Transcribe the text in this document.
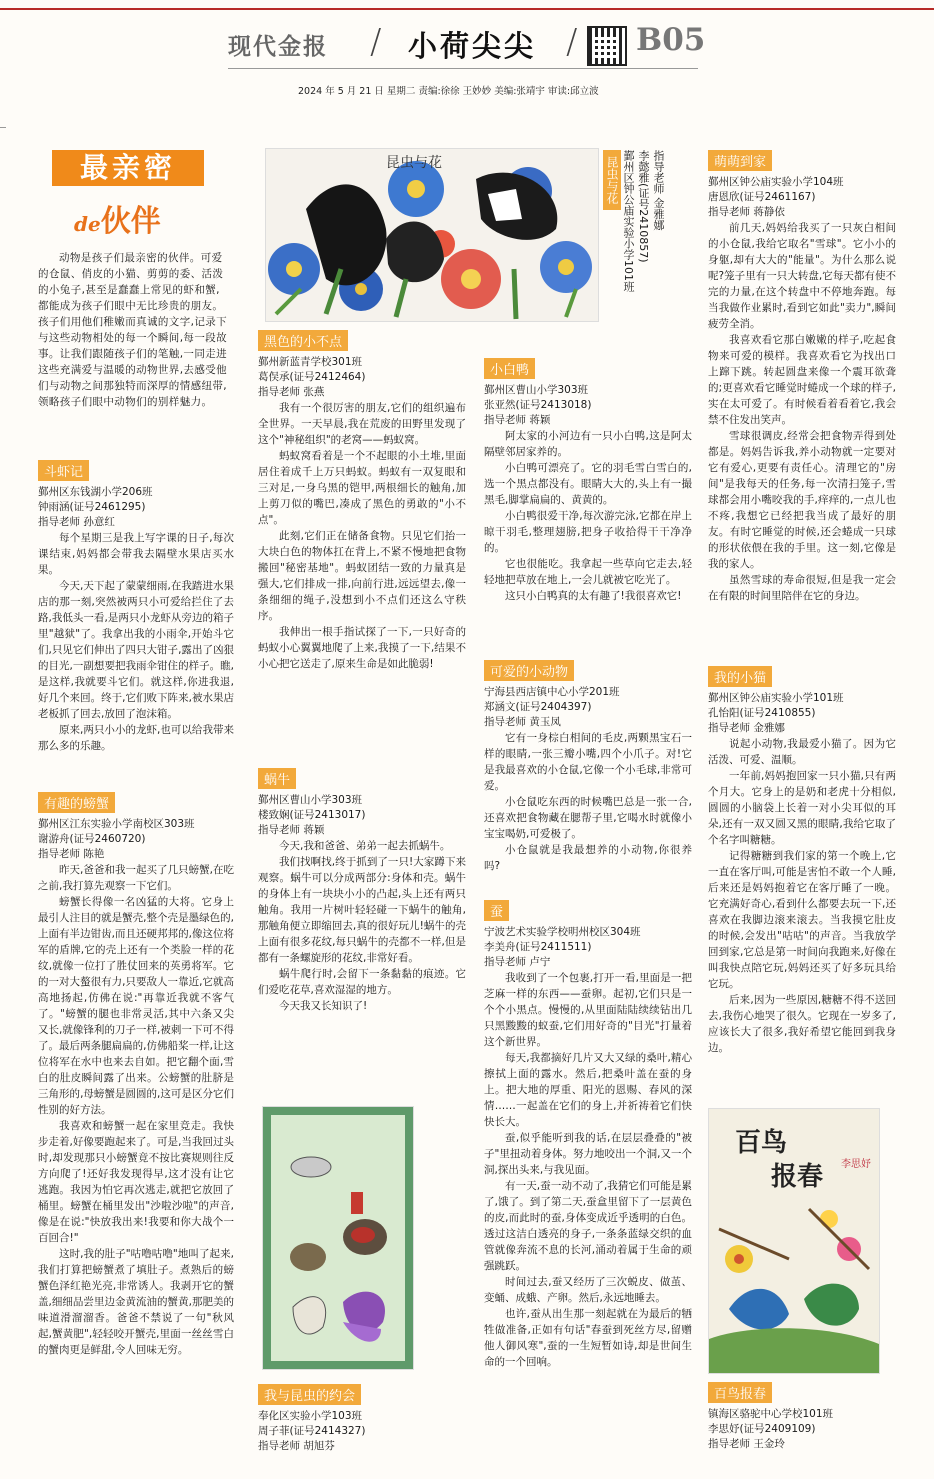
现代金报 / 小荷尖尖 / B05
2024 年 5 月 21 日 星期二 责编:徐徐 王妙妙 美编:张靖宇 审读:邱立波
最亲密
de伙伴

动物是孩子们最亲密的伙伴。可爱的仓鼠、俏皮的小猫、剪剪的委、活泼的小兔子,甚至是蠢蠢上常见的虾和蟹,都能成为孩子们眼中无比珍贵的朋友。孩子们用他们稚嫩而真诚的文字,记录下与这些动物相处的每一个瞬间,每一段故事。让我们跟随孩子们的笔触,一同走进这些充满爱与温暖的动物世界,去感受他们与动物之间那独特而深厚的情感纽带,领略孩子们眼中动物们的别样魅力。

昆虫与花	昆虫与花 鄞州区钟公庙实验小学101班 李懿雅(证号2410857) 指导老师 金雅娜
斗虾记
鄞州区东钱湖小学206班
钟雨涵(证号2461295)
指导老师 孙意红

每个星期三是我上写字课的日子,每次课结束,妈妈都会带我去隔壁水果店买水果。

今天,天下起了蒙蒙细雨,在我踏进水果店的那一刻,突然被两只小可爱给拦住了去路,我低头一看,是两只小龙虾从旁边的箱子里"越狱"了。我拿出我的小雨伞,开始斗它们,只见它们伸出了四只大钳子,露出了凶狠的目光,一副想要把我雨伞钳住的样子。瞧,是这样,我就要斗它们。就这样,你进我退,好几个来回。终于,它们败下阵来,被水果店老板抓了回去,放回了泡沫箱。

原来,两只小小的龙虾,也可以给我带来那么多的乐趣。

有趣的螃蟹
鄞州区江东实验小学南校区303班
谢游舟(证号2460720)
指导老师 陈艳

昨天,爸爸和我一起买了几只螃蟹,在吃之前,我打算先观察一下它们。

螃蟹长得像一名凶猛的大将。它身上最引人注目的就是蟹壳,整个壳是墨绿色的,上面有半边钳齿,而且还硬邦邦的,像这位将军的盾牌,它的壳上还有一个类脸一样的花纹,就像一位打了胜仗回来的英勇将军。它的一对大螯很有力,只要敌人一靠近,它就高高地扬起,仿佛在说:"再靠近我就不客气了。"螃蟹的腿也非常灵活,其中六条又尖又长,就像锋利的刀子一样,被刺一下可不得了。最后两条腿扁扁的,仿佛船桨一样,让这位将军在水中也来去自如。把它翻个面,雪白的肚皮瞬间露了出来。公螃蟹的肚脐是三角形的,母螃蟹是圆圆的,这可是区分它们性别的好方法。

我喜欢和螃蟹一起在家里竞走。我快步走着,好像要跑起来了。可是,当我回过头时,却发现那只小螃蟹竟不按比赛规则往反方向爬了!还好我发现得早,这才没有让它逃跑。我因为怕它再次逃走,就把它放回了桶里。螃蟹在桶里发出"沙啦沙啦"的声音,像是在说:"快放我出来!我要和你大战个一百回合!"

这时,我的肚子"咕噜咕噜"地叫了起来,我们打算把螃蟹煮了填肚子。煮熟后的螃蟹色泽红艳光亮,非常诱人。我剥开它的蟹盖,细细品尝里边金黄流油的蟹黄,那肥美的味道滑溜溜香。爸爸不禁说了一句"秋风起,蟹黄肥",轻轻咬开蟹壳,里面一丝丝雪白的蟹肉更是鲜甜,令人回味无穷。

黑色的小不点
鄞州新蓝青学校301班
葛俣承(证号2412464)
指导老师 张燕

我有一个很厉害的朋友,它们的组织遍布全世界。一天早晨,我在荒废的田野里发现了这个"神秘组织"的老窝——蚂蚁窝。

蚂蚁窝看着是一个不起眼的小土堆,里面居住着成千上万只蚂蚁。蚂蚁有一双复眼和三对足,一身乌黑的铠甲,两根细长的触角,加上剪刀似的嘴巴,凑成了黑色的勇敢的"小不点"。

此刻,它们正在储备食物。只见它们抬一大块白色的物体扛在背上,不紧不慢地把食物搬回"秘密基地"。蚂蚁团结一致的力量真是强大,它们排成一排,向前行进,远远望去,像一条细细的绳子,没想到小不点们还这么守秩序。

我伸出一根手指试探了一下,一只好奇的蚂蚁小心翼翼地爬了上来,我摸了一下,结果不小心把它送走了,原来生命是如此脆弱!

蜗牛
鄞州区曹山小学303班
楼致娴(证号2413017)
指导老师 蒋颖

今天,我和爸爸、弟弟一起去抓蜗牛。

我们找啊找,终于抓到了一只!大家蹲下来观察。蜗牛可以分成两部分:身体和壳。蜗牛的身体上有一块块小小的凸起,头上还有两只触角。我用一片树叶轻轻碰一下蜗牛的触角,那触角便立即缩回去,真的很好玩儿!蜗牛的壳上面有很多花纹,每只蜗牛的壳都不一样,但是都有一条螺旋形的花纹,非常好看。

蜗牛爬行时,会留下一条黏黏的痕迹。它们爱吃花草,喜欢湿湿的地方。

今天我又长知识了!

我与昆虫的约会
奉化区实验小学103班
周子菲(证号2414327)
指导老师 胡旭芬
小白鸭
鄞州区曹山小学303班
张亚然(证号2413018)
指导老师 蒋颖

阿太家的小河边有一只小白鸭,这是阿太隔壁邻居家养的。

小白鸭可漂亮了。它的羽毛雪白雪白的,选一个黑点都没有。眼睛大大的,头上有一撮黑毛,脚掌扁扁的、黄黄的。

小白鸭很爱干净,每次游完泳,它都在岸上晾干羽毛,整理翅膀,把身子收拾得干干净净的。

它也很能吃。我拿起一些草向它走去,轻轻地把草放在地上,一会儿就被它吃光了。

这只小白鸭真的太有趣了!我很喜欢它!

可爱的小动物
宁海县西店镇中心小学201班
郑涵文(证号2404397)
指导老师 黄玉凤

它有一身棕白相间的毛皮,两颗黑宝石一样的眼睛,一张三瓣小嘴,四个小爪子。对!它是我最喜欢的小仓鼠,它像一个小毛球,非常可爱。

小仓鼠吃东西的时候嘴巴总是一张一合,还喜欢把食物藏在腮帮子里,它喝水时就像小宝宝喝奶,可爱极了。

小仓鼠就是我最想养的小动物,你很养吗?

蚕
宁波艺术实验学校明州校区304班
李美舟(证号2411511)
指导老师 卢宁

我收到了一个包裹,打开一看,里面是一把芝麻一样的东西——蚕卵。起初,它们只是一个个小黑点。慢慢的,从里面陆陆续续钻出几只黑黢黢的蚁蚕,它们用好奇的"目光"打量着这个新世界。

每天,我都摘好几片又大又绿的桑叶,精心擦拭上面的露水。然后,把桑叶盖在蚕的身上。把大地的厚重、阳光的恩赐、春风的深情……一起盖在它们的身上,并祈祷着它们快快长大。

蚕,似乎能听到我的话,在层层叠叠的"被子"里扭动着身体。努力地咬出一个洞,又一个洞,探出头来,与我见面。

有一天,蚕一动不动了,我猜它们可能是累了,饿了。到了第二天,蚕盒里留下了一层黄色的皮,而此时的蚕,身体变成近乎透明的白色。透过这洁白透亮的身子,一条条蓝绿交织的血管就像奔流不息的长河,涌动着属于生命的顽强跳跃。

时间过去,蚕又经历了三次蜕皮、做茧、变蛹、成蛾、产卵。然后,永远地睡去。

也许,蚕从出生那一刻起就在为最后的牺牲做准备,正如有句话"春蚕到死丝方尽,留赠他人御风寒",蚕的一生短暂如诗,却是世间生命的一个回响。

萌萌到家
鄞州区钟公庙实验小学104班
唐恩欣(证号2461167)
指导老师 蒋静依

前几天,妈妈给我买了一只灰白相间的小仓鼠,我给它取名"雪球"。它小小的身躯,却有大大的"能量"。为什么那么说呢?笼子里有一只大转盘,它每天都有使不完的力量,在这个转盘中不停地奔跑。每当我做作业累时,看到它如此"卖力",瞬间疲劳全消。

我喜欢看它那白嫩嫩的样子,吃起食物来可爱的模样。我喜欢看它为找出口上蹿下跳。转起圆盘来像一个震耳欲聋的;更喜欢看它睡觉时蜷成一个球的样子,实在太可爱了。有时候看着看着它,我会禁不住发出笑声。

雪球很调皮,经常会把食物弄得到处都是。妈妈告诉我,养小动物就一定要对它有爱心,更要有责任心。清理它的"房间"是我每天的任务,每一次清扫笼子,雪球都会用小嘴咬我的手,痒痒的,一点儿也不疼,我想它已经把我当成了最好的朋友。有时它睡觉的时候,还会蜷成一只球的形状依偎在我的手里。这一刻,它像是我的家人。

虽然雪球的寿命很短,但是我一定会在有限的时间里陪伴在它的身边。

我的小猫
鄞州区钟公庙实验小学101班
孔怡阳(证号2410855)
指导老师 金雅娜

说起小动物,我最爱小猫了。因为它活泼、可爱、温顺。

一年前,妈妈抱回家一只小猫,只有两个月大。它身上的是奶和老虎十分相似,圆圆的小脑袋上长着一对小尖耳似的耳朵,还有一双又圆又黑的眼睛,我给它取了个名字叫糖糖。

记得糖糖到我们家的第一个晚上,它一直在客厅叫,可能是害怕不敢一个人睡,后来还是妈妈抱着它在客厅睡了一晚。它充满好奇心,看到什么都要去玩一下,还喜欢在我脚边滚来滚去。当我摸它肚皮的时候,会发出"咕咕"的声音。当我放学回到家,它总是第一时间向我跑来,好像在叫我快点陪它玩,妈妈还买了好多玩具给它玩。

后来,因为一些原因,糖糖不得不送回去,我伤心地哭了很久。它现在一岁多了,应该长大了很多,我好希望它能回到我身边。

百鸟
报春 李思妤
百鸟报春
镇海区骆驼中心学校101班
李思妤(证号2409109)
指导老师 王金玲
